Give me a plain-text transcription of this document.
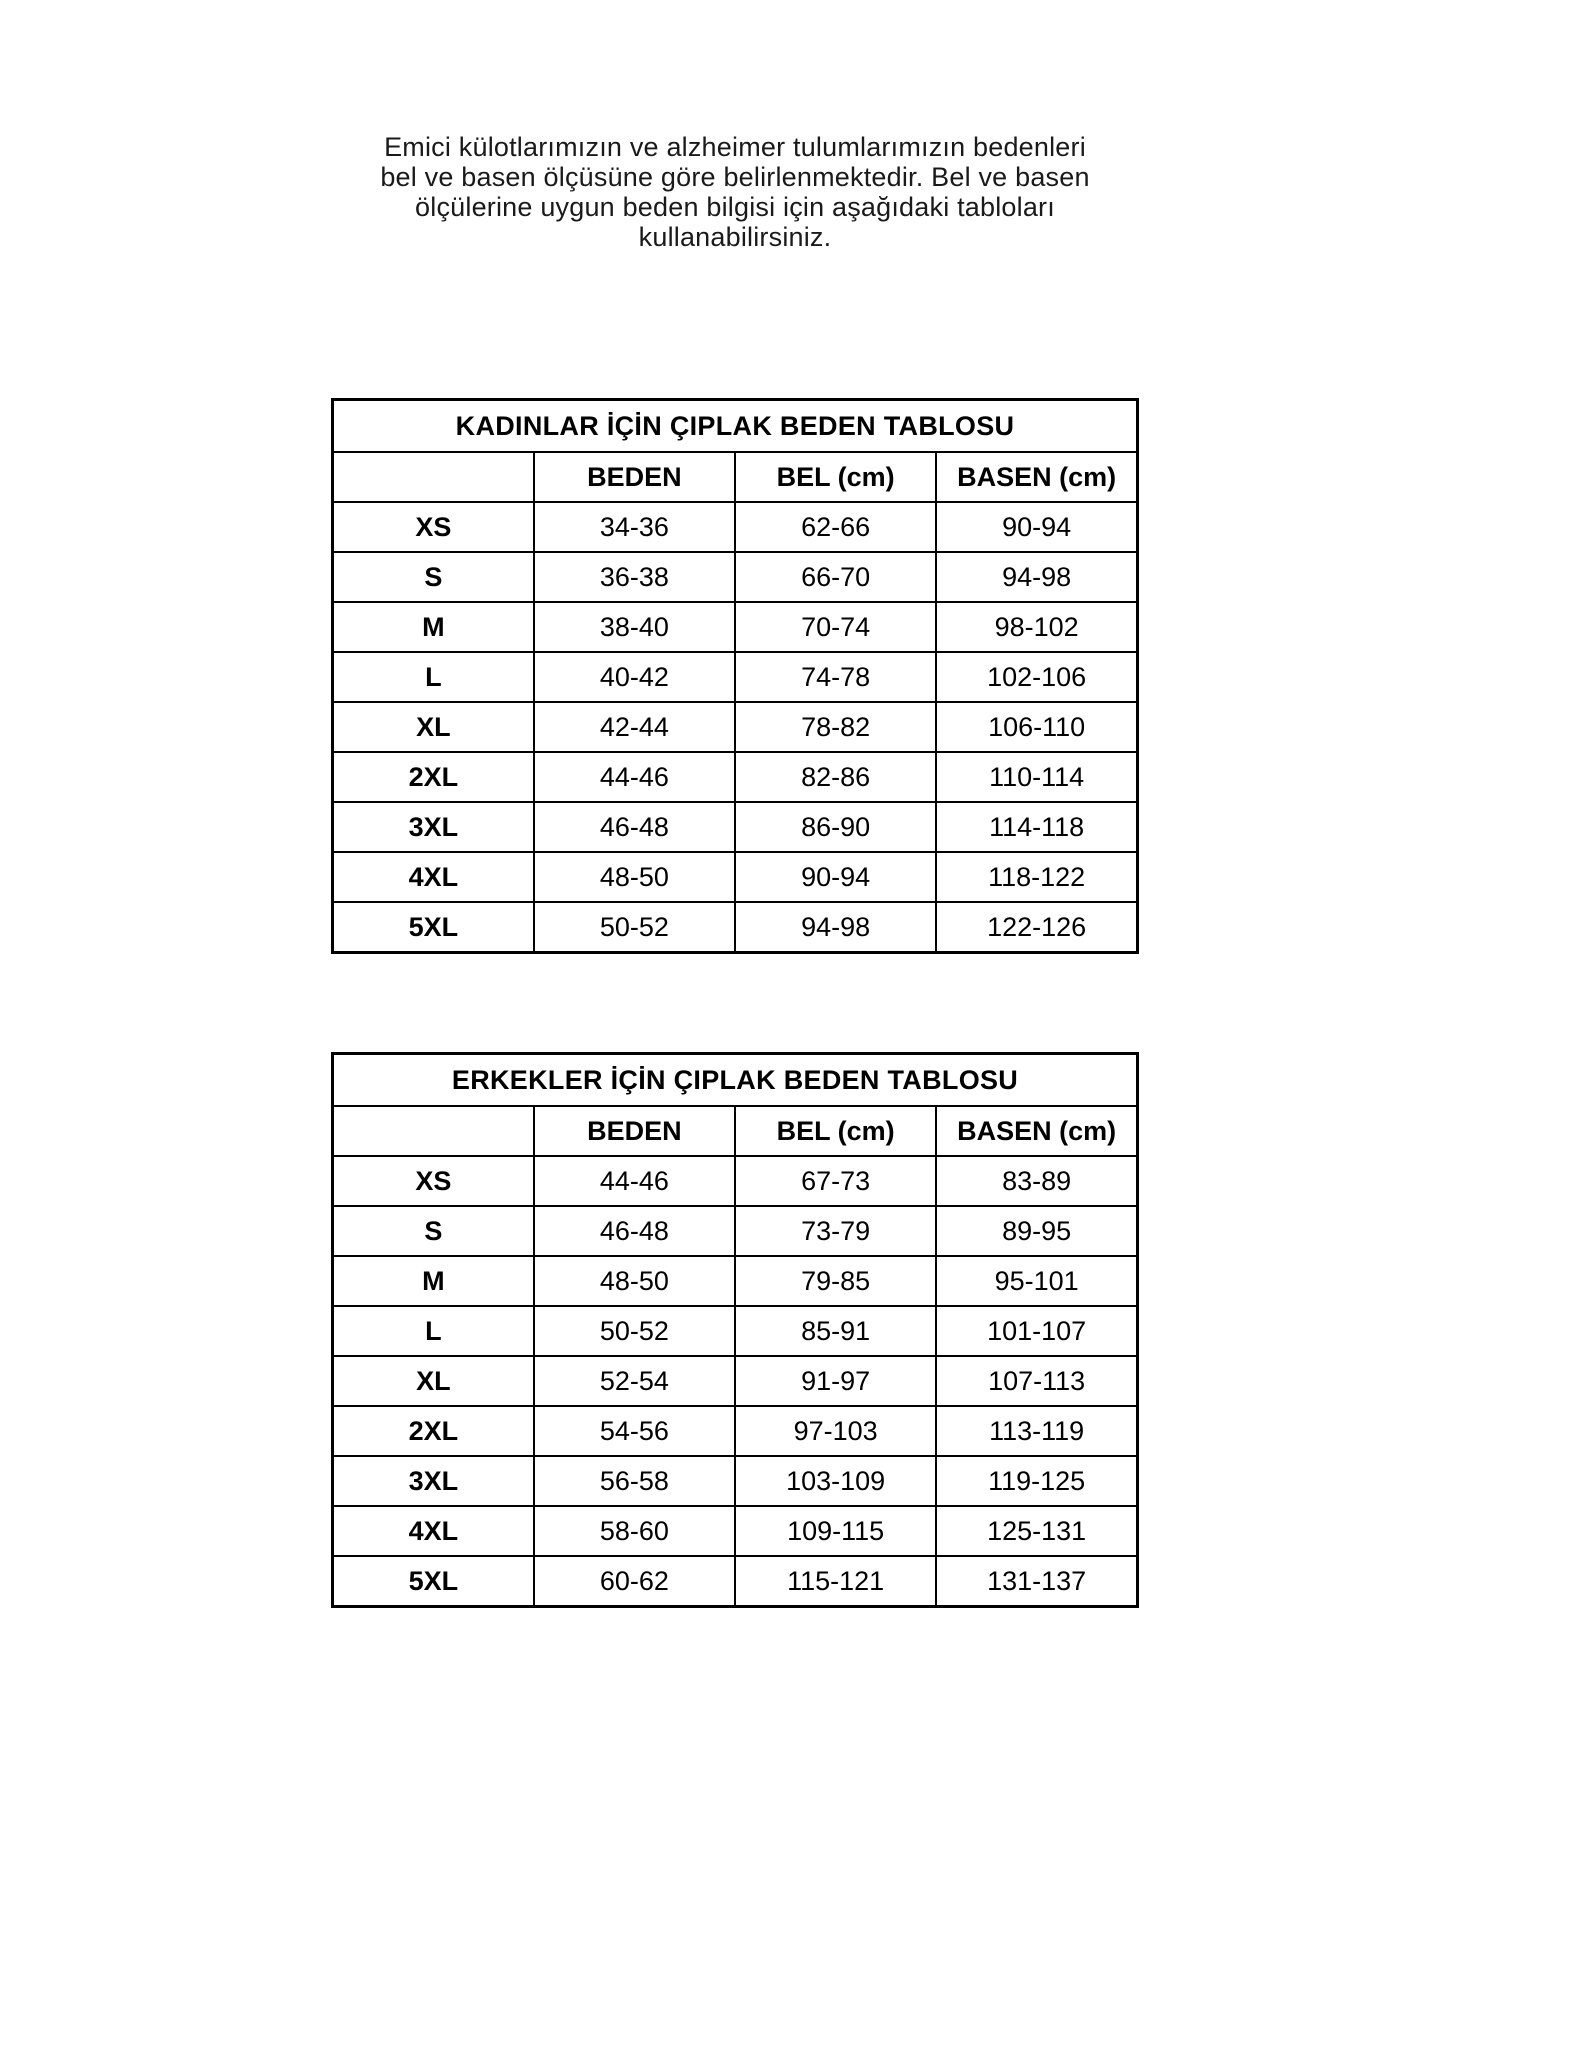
Emici külotlarımızın ve alzheimer tulumlarımızın bedenleri
bel ve basen ölçüsüne göre belirlenmektedir. Bel ve basen
ölçülerine uygun beden bilgisi için aşağıdaki tabloları
kullanabilirsiniz.
KADINLAR İÇİN ÇIPLAK BEDEN TABLOSU			
	BEDEN	BEL (cm)	BASEN (cm)
XS	34-36	62-66	90-94
S	36-38	66-70	94-98
M	38-40	70-74	98-102
L	40-42	74-78	102-106
XL	42-44	78-82	106-110
2XL	44-46	82-86	110-114
3XL	46-48	86-90	114-118
4XL	48-50	90-94	118-122
5XL	50-52	94-98	122-126
ERKEKLER İÇİN ÇIPLAK BEDEN TABLOSU			
	BEDEN	BEL (cm)	BASEN (cm)
XS	44-46	67-73	83-89
S	46-48	73-79	89-95
M	48-50	79-85	95-101
L	50-52	85-91	101-107
XL	52-54	91-97	107-113
2XL	54-56	97-103	113-119
3XL	56-58	103-109	119-125
4XL	58-60	109-115	125-131
5XL	60-62	115-121	131-137
